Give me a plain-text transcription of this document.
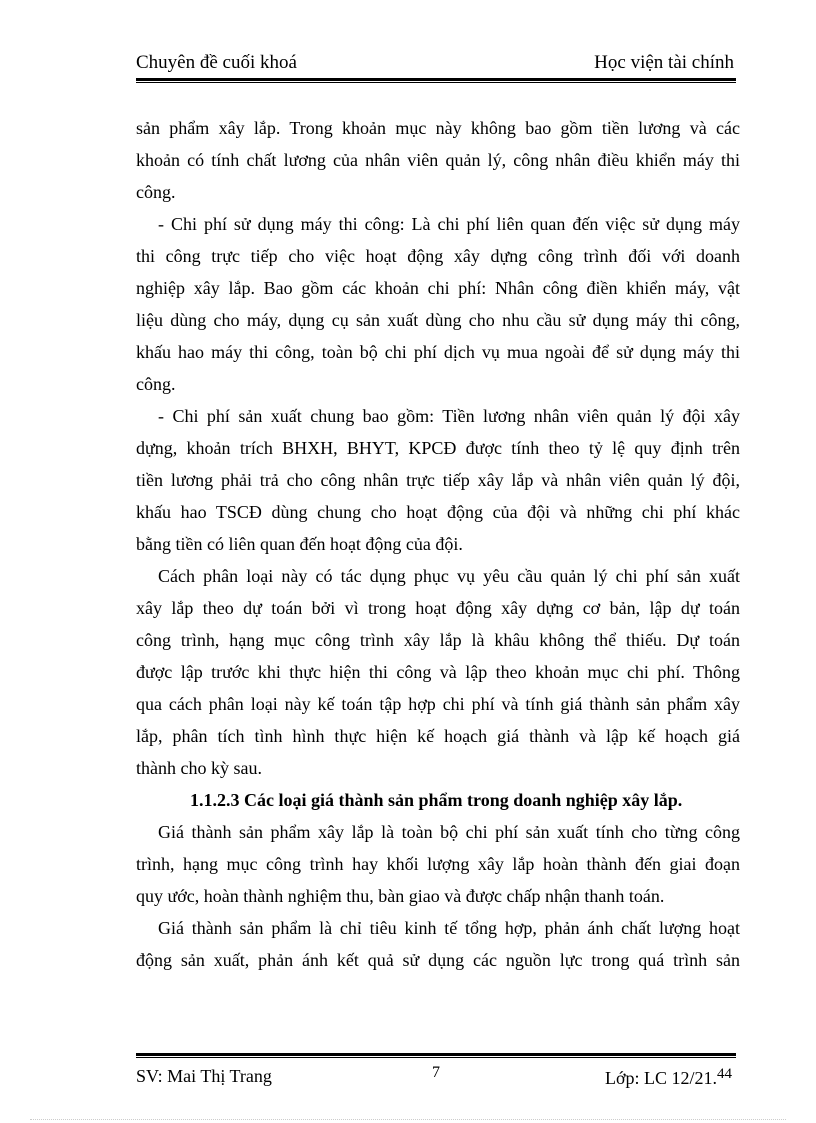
Chuyên đề cuối khoá	Học viện tài chính
sản phẩm xây lắp. Trong khoản mục này không bao gồm tiền lương và các
khoản có tính chất lương của nhân viên quản lý, công nhân điều khiển máy thi
công.
- Chi phí sử dụng máy thi công: Là chi phí liên quan đến việc sử dụng máy
thi công trực tiếp cho việc hoạt động xây dựng công trình đối với doanh
nghiệp xây lắp. Bao gồm các khoản chi phí: Nhân công điền khiển máy, vật
liệu dùng cho máy, dụng cụ sản xuất dùng cho nhu cầu sử dụng máy thi công,
khấu hao máy thi công, toàn bộ chi phí dịch vụ mua ngoài để sử dụng máy thi
công.
- Chi phí sản xuất chung bao gồm: Tiền lương nhân viên quản lý đội xây
dựng, khoản trích BHXH, BHYT, KPCĐ được tính theo tỷ lệ quy định trên
tiền lương phải trả cho công nhân trực tiếp xây lắp và nhân viên quản lý đội,
khấu hao TSCĐ dùng chung cho hoạt động của đội và những chi phí khác
bằng tiền có liên quan đến hoạt động của đội.
Cách phân loại này có tác dụng phục vụ yêu cầu quản lý chi phí sản xuất
xây lắp theo dự toán bởi vì trong hoạt động xây dựng cơ bản, lập dự toán
công trình, hạng mục công trình xây lắp là khâu không thể thiếu. Dự toán
được lập trước khi thực hiện thi công và lập theo khoản mục chi phí. Thông
qua cách phân loại này kế toán tập hợp chi phí và tính giá thành sản phẩm xây
lắp, phân tích tình hình thực hiện kế hoạch giá thành và lập kế hoạch giá
thành cho kỳ sau.
1.1.2.3 Các loại giá thành sản phẩm trong doanh nghiệp xây lắp.
Giá thành sản phẩm xây lắp là toàn bộ chi phí sản xuất tính cho từng công
trình, hạng mục công trình hay khối lượng xây lắp hoàn thành đến giai đoạn
quy ước, hoàn thành nghiệm thu, bàn giao và được chấp nhận thanh toán.
Giá thành sản phẩm là chỉ tiêu kinh tế tổng hợp, phản ánh chất lượng hoạt
động sản xuất, phản ánh kết quả sử dụng các nguồn lực trong quá trình sản
SV: Mai Thị Trang	7	Lớp: LC 12/21.44
